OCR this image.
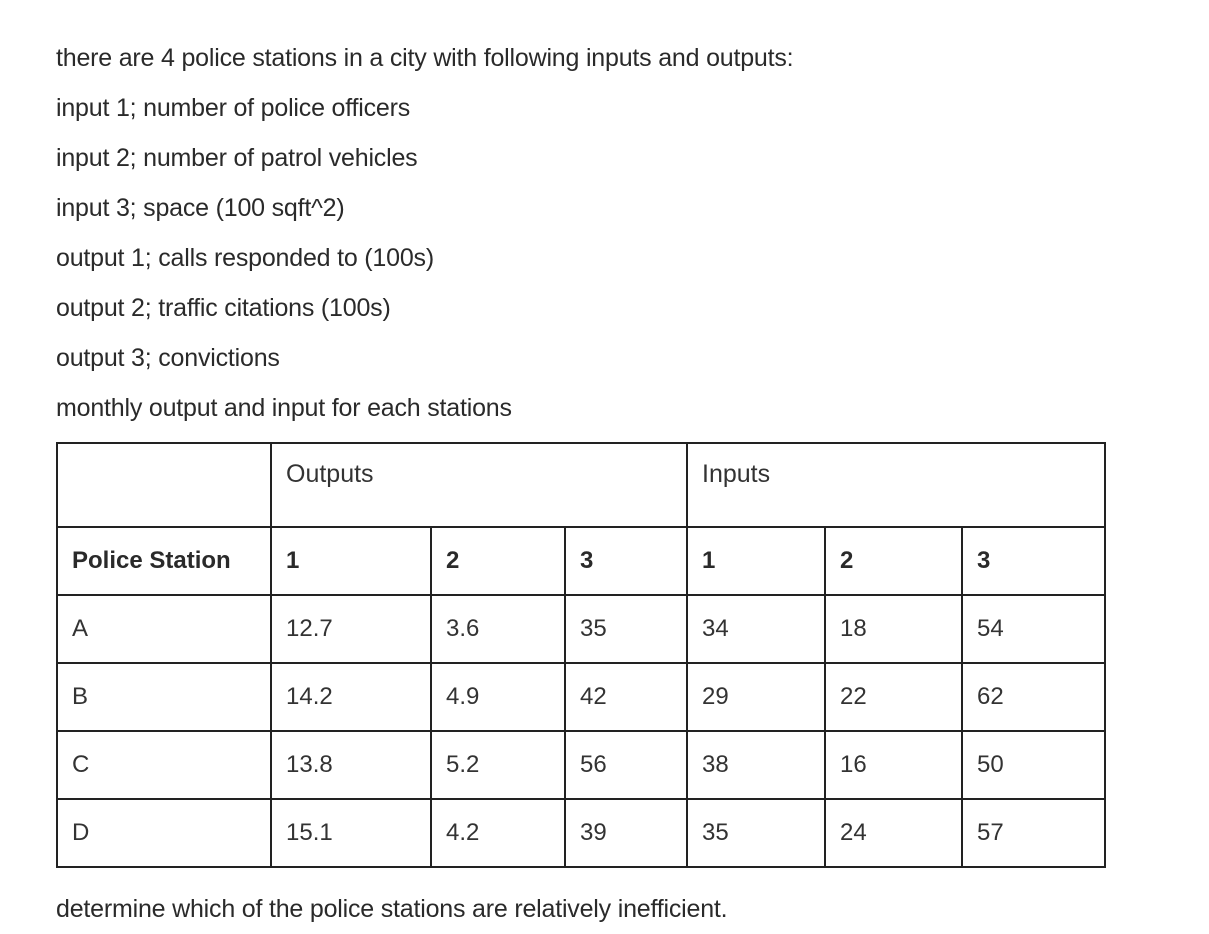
there are 4 police stations in a city with following inputs and outputs:
input 1; number of police officers
input 2; number of patrol vehicles
input 3; space (100 sqft^2)
output 1; calls responded to (100s)
output 2; traffic citations (100s)
output 3; convictions
monthly output and input for each stations
	Outputs			Inputs		
Police Station	1	2	3	1	2	3
A	12.7	3.6	35	34	18	54
B	14.2	4.9	42	29	22	62
C	13.8	5.2	56	38	16	50
D	15.1	4.2	39	35	24	57
determine which of the police stations are relatively inefficient.
